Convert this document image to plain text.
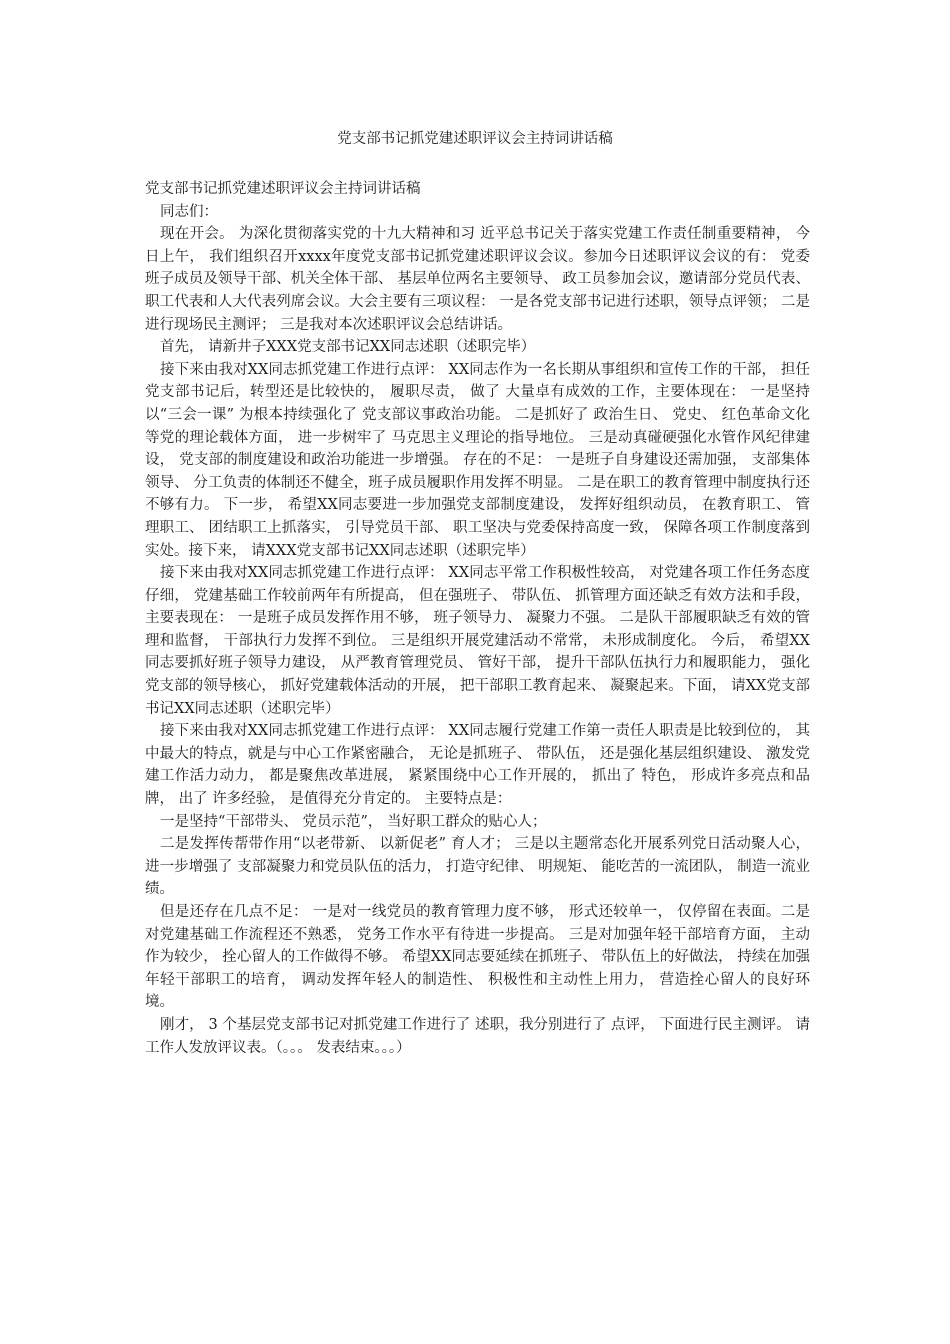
党支部书记抓党建述职评议会主持词讲话稿

党支部书记抓党建述职评议会主持词讲话稿

同志们：

现在开会。 为深化贯彻落实党的十九大精神和习 近平总书记关于落实党建工作责任制重要精神， 今日上午， 我们组织召开xxxx年度党支部书记抓党建述职评议会议。参加今日述职评议会议的有： 党委班子成员及领导干部、机关全体干部、 基层单位两名主要领导、 政工员参加会议，邀请部分党员代表、 职工代表和人大代表列席会议。大会主要有三项议程： 一是各党支部书记进行述职，领导点评领； 二是进行现场民主测评； 三是我对本次述职评议会总结讲话。

首先， 请新井子XXX党支部书记XX同志述职（述职完毕）

接下来由我对XX同志抓党建工作进行点评： XX同志作为一名长期从事组织和宣传工作的干部， 担任党支部书记后，转型还是比较快的， 履职尽责， 做了 大量卓有成效的工作，主要体现在： 一是坚持以“三会一课” 为根本持续强化了 党支部议事政治功能。 二是抓好了 政治生日、 党史、 红色革命文化等党的理论载体方面， 进一步树牢了 马克思主义理论的指导地位。 三是动真碰硬强化水管作风纪律建设， 党支部的制度建设和政治功能进一步增强。 存在的不足： 一是班子自身建设还需加强， 支部集体领导、 分工负责的体制还不健全，班子成员履职作用发挥不明显。 二是在职工的教育管理中制度执行还不够有力。 下一步， 希望XX同志要进一步加强党支部制度建设， 发挥好组织动员， 在教育职工、 管理职工、 团结职工上抓落实， 引导党员干部、 职工坚决与党委保持高度一致， 保障各项工作制度落到实处。接下来， 请XXX党支部书记XX同志述职（述职完毕）

接下来由我对XX同志抓党建工作进行点评： XX同志平常工作积极性较高， 对党建各项工作任务态度仔细， 党建基础工作较前两年有所提高， 但在强班子、 带队伍、 抓管理方面还缺乏有效方法和手段， 主要表现在： 一是班子成员发挥作用不够， 班子领导力、 凝聚力不强。 二是队干部履职缺乏有效的管理和监督， 干部执行力发挥不到位。 三是组织开展党建活动不常常， 未形成制度化。 今后， 希望XX同志要抓好班子领导力建设， 从严教育管理党员、 管好干部， 提升干部队伍执行力和履职能力， 强化党支部的领导核心， 抓好党建载体活动的开展， 把干部职工教育起来、 凝聚起来。下面， 请XX党支部书记XX同志述职（述职完毕）

接下来由我对XX同志抓党建工作进行点评： XX同志履行党建工作第一责任人职责是比较到位的， 其中最大的特点，就是与中心工作紧密融合， 无论是抓班子、 带队伍， 还是强化基层组织建设、 激发党建工作活力动力， 都是聚焦改革进展， 紧紧围绕中心工作开展的， 抓出了 特色， 形成许多亮点和品牌， 出了 许多经验， 是值得充分肯定的。 主要特点是：

一是坚持“干部带头、 党员示范”， 当好职工群众的贴心人；

二是发挥传帮带作用“以老带新、 以新促老” 育人才； 三是以主题常态化开展系列党日活动聚人心， 进一步增强了 支部凝聚力和党员队伍的活力， 打造守纪律、 明规矩、 能吃苦的一流团队， 制造一流业绩。

但是还存在几点不足： 一是对一线党员的教育管理力度不够， 形式还较单一， 仅停留在表面。二是对党建基础工作流程还不熟悉， 党务工作水平有待进一步提高。 三是对加强年轻干部培育方面， 主动作为较少， 拴心留人的工作做得不够。 希望XX同志要延续在抓班子、 带队伍上的好做法， 持续在加强年轻干部职工的培育， 调动发挥年轻人的制造性、 积极性和主动性上用力， 营造拴心留人的良好环境。

刚才， 3 个基层党支部书记对抓党建工作进行了 述职，我分别进行了 点评， 下面进行民主测评。 请工作人发放评议表。（。。。 发表结束。。。）
